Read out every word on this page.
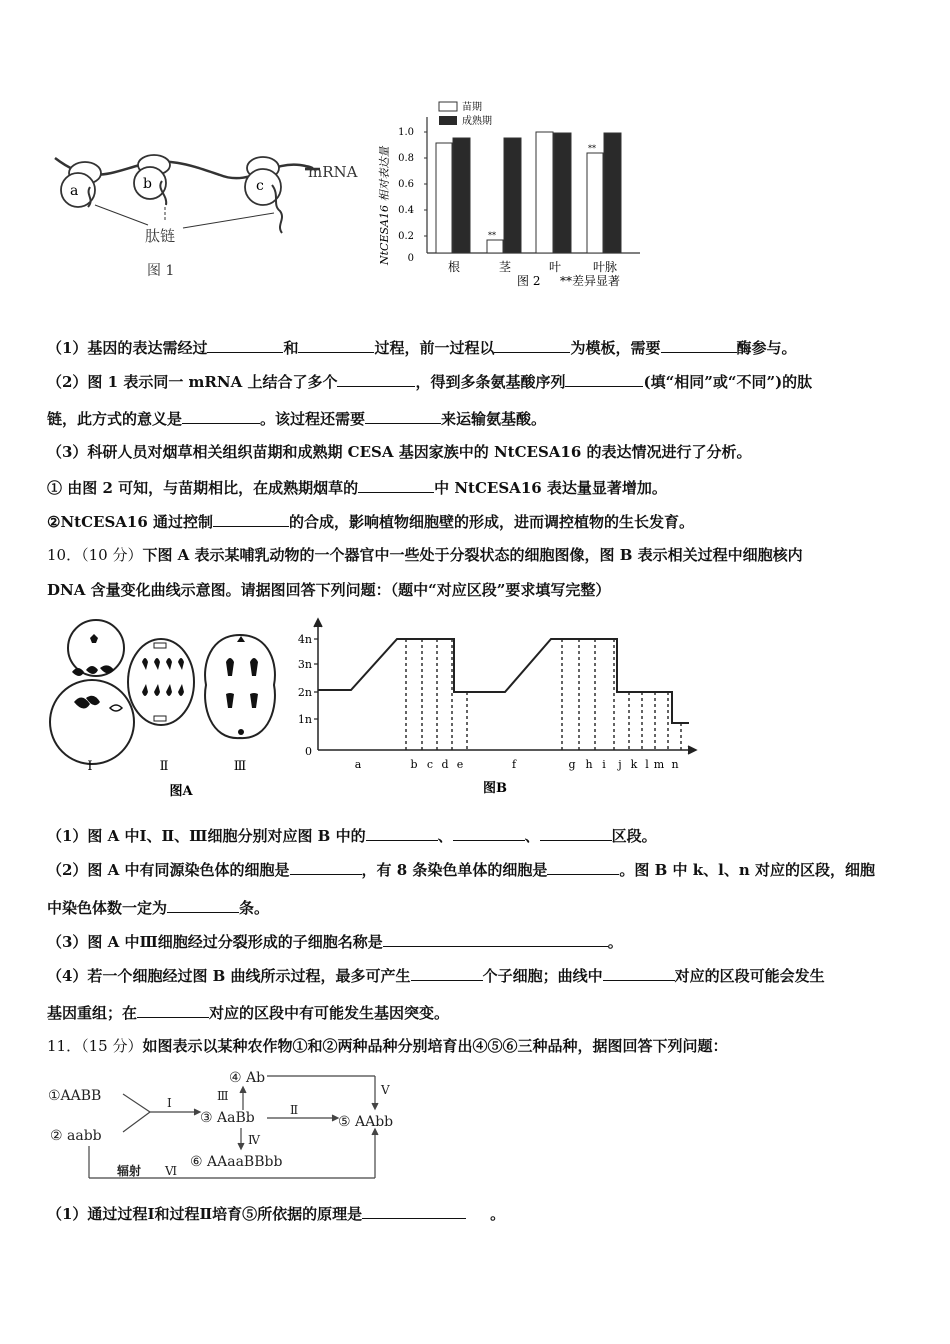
a	b	c
mRNA
肽链
图 1
苗期
成熟期
NtCESA16 相对表达量
1.0
0.8
0.6
0.4
0.2
0
**
**
根	茎	叶	叶脉
图 2 **差异显著
（1）基因的表达需经过	和	过程，前一过程以	为模板，需要	酶参与。
（2）图 1 表示同一 mRNA 上结合了多个	，得到多条氨基酸序列	(填“相同”或“不同”)的肽
链，此方式的意义是	。该过程还需要	来运输氨基酸。
（3）科研人员对烟草相关组织苗期和成熟期 CESA 基因家族中的 NtCESA16 的表达情况进行了分析。
① 由图 2 可知，与苗期相比，在成熟期烟草的	中 NtCESA16 表达量显著增加。
②NtCESA16 通过控制	的合成，影响植物细胞壁的形成，进而调控植物的生长发育。
10．（10 分）下图 A 表示某哺乳动物的一个器官中一些处于分裂状态的细胞图像，图 B 表示相关过程中细胞核内
DNA 含量变化曲线示意图。请据图回答下列问题：（题中“对应区段”要求填写完整）
Ⅰ	Ⅱ	Ⅲ
图A
4n
3n
2n
1n
0
a	b c d e	f	g h i j k l m n
图B
（1）图 A 中Ⅰ、Ⅱ、Ⅲ细胞分别对应图 B 中的	、	、	区段。
（2）图 A 中有同源染色体的细胞是	，有 8 条染色单体的细胞是	。图 B 中 k、l、n 对应的区段，细胞
中染色体数一定为	条。
（3）图 A 中Ⅲ细胞经过分裂形成的子细胞名称是	。
（4）若一个细胞经过图 B 曲线所示过程，最多可产生	个子细胞；曲线中	对应的区段可能会发生
基因重组；在	对应的区段中有可能发生基因突变。
11．（15 分）如图表示以某种农作物①和②两种品种分别培育出④⑤⑥三种品种，据图回答下列问题：
①AABB
② aabb
③ AaBb
④ Ab
⑤ AAbb
⑥ AAaaBBbb
Ⅰ	Ⅱ
Ⅲ
Ⅳ
Ⅴ
Ⅵ
辐射
（1）通过过程Ⅰ和过程Ⅱ培育⑤所依据的原理是	。
